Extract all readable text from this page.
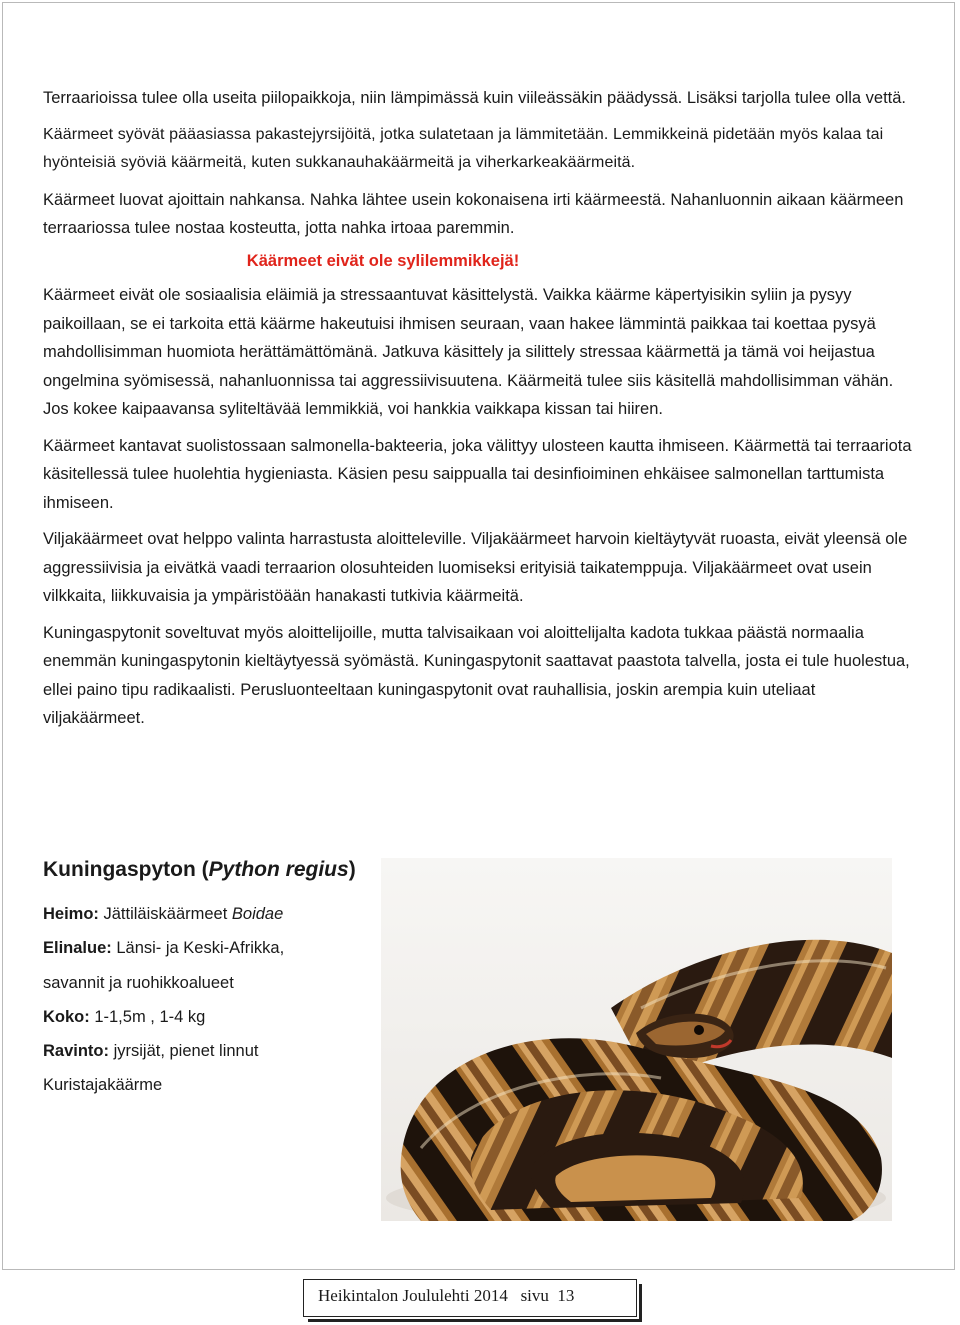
Terraarioissa tulee olla useita piilopaikkoja, niin lämpimässä kuin viileässäkin päädyssä. Lisäksi tarjolla tulee olla vettä.

Käärmeet syövät pääasiassa pakastejyrsijöitä, jotka sulatetaan ja lämmitetään. Lemmikkeinä pidetään myös kalaa tai hyönteisiä syöviä käärmeitä, kuten sukkanauhakäärmeitä ja viherkarkeakäärmeitä.

Käärmeet luovat ajoittain nahkansa. Nahka lähtee usein kokonaisena irti käärmeestä. Nahanluonnin aikaan käärmeen terraariossa tulee nostaa kosteutta, jotta nahka irtoaa paremmin.

Käärmeet eivät ole sylilemmikkejä!

Käärmeet eivät ole sosiaalisia eläimiä ja stressaantuvat käsittelystä. Vaikka käärme käpertyisikin syliin ja pysyy paikoillaan, se ei tarkoita että käärme hakeutuisi ihmisen seuraan, vaan hakee lämmintä paikkaa tai koettaa pysyä mahdollisimman huomiota herättämättömänä. Jatkuva käsittely ja silittely stressaa käärmettä ja tämä voi heijastua ongelmina syömisessä, nahanluonnissa tai aggressiivisuutena. Käärmeitä tulee siis käsitellä mahdollisimman vähän. Jos kokee kaipaavansa syliteltävää lemmikkiä, voi hankkia vaikkapa kissan tai hiiren.

Käärmeet kantavat suolistossaan salmonella-bakteeria, joka välittyy ulosteen kautta ihmiseen. Käärmettä tai terraariota käsitellessä tulee huolehtia hygieniasta. Käsien pesu saippualla tai desinfioiminen ehkäisee salmonellan tarttumista ihmiseen.

Viljakäärmeet ovat helppo valinta harrastusta aloitteleville. Viljakäärmeet harvoin kieltäytyvät ruoasta, eivät yleensä ole aggressiivisia ja eivätkä vaadi terraarion olosuhteiden luomiseksi erityisiä taikatemppuja. Viljakäärmeet ovat usein vilkkaita, liikkuvaisia ja ympäristöään hanakasti tutkivia käärmeitä.

Kuningaspytonit soveltuvat myös aloittelijoille, mutta talvisaikaan voi aloittelijalta kadota tukkaa päästä normaalia enemmän kuningaspytonin kieltäytyessä syömästä. Kuningaspytonit saattavat paastota talvella, josta ei tule huolestua, ellei paino tipu radikaalisti. Perusluonteeltaan kuningaspytonit ovat rauhallisia, joskin arempia kuin uteliaat viljakäärmeet.

Kuningaspyton (Python regius)

Heimo: Jättiläiskäärmeet Boidae

Elinalue: Länsi- ja Keski-Afrikka,

savannit ja ruohikkoalueet

Koko: 1-1,5m , 1-4 kg

Ravinto: jyrsijät, pienet linnut

Kuristajakäärme

Heikintalon Joululehti 2014   sivu  13
